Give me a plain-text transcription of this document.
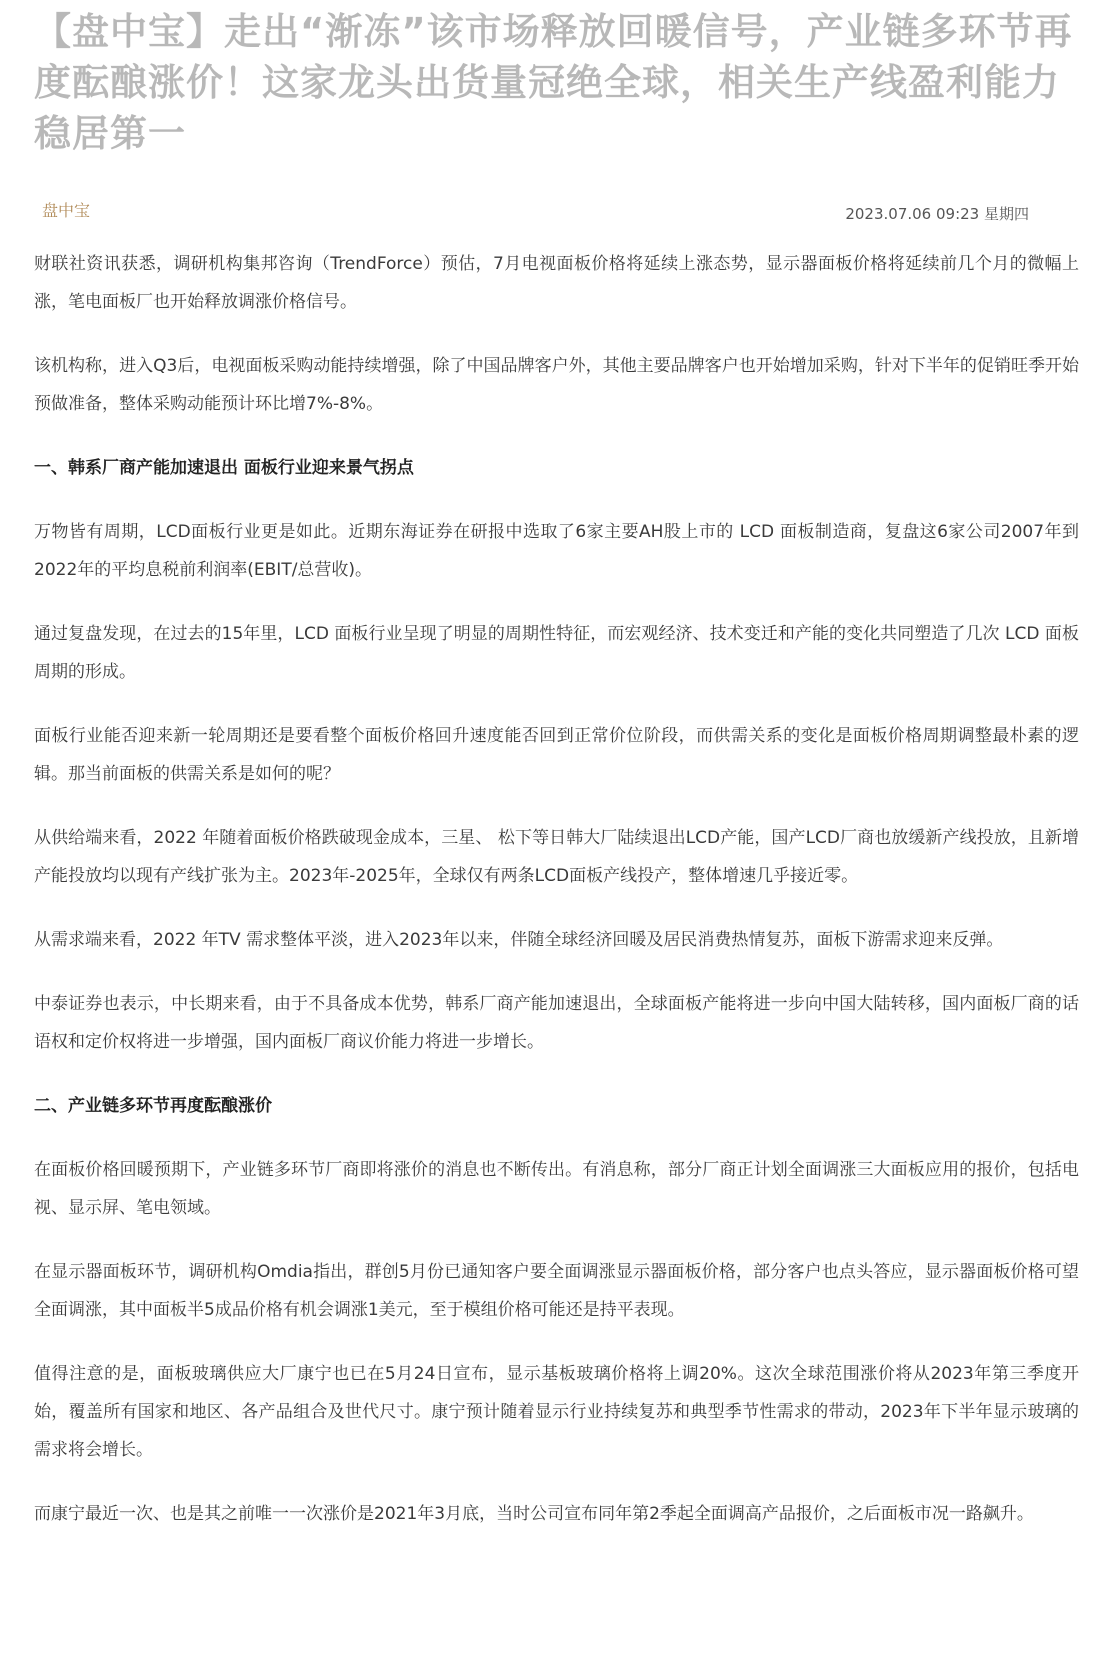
【盘中宝】走出“渐冻”该市场释放回暖信号，产业链多环节再度酝酿涨价！这家龙头出货量冠绝全球，相关生产线盈利能力稳居第一
盘中宝	2023.07.06 09:23 星期四

财联社资讯获悉，调研机构集邦咨询（TrendForce）预估，7月电视面板价格将延续上涨态势，显示器面板价格将延续前几个月的微幅上涨，笔电面板厂也开始释放调涨价格信号。

该机构称，进入Q3后，电视面板采购动能持续增强，除了中国品牌客户外，其他主要品牌客户也开始增加采购，针对下半年的促销旺季开始预做准备，整体采购动能预计环比增7%-8%。

一、韩系厂商产能加速退出 面板行业迎来景气拐点

万物皆有周期，LCD面板行业更是如此。近期东海证券在研报中选取了6家主要AH股上市的 LCD 面板制造商，复盘这6家公司2007年到2022年的平均息税前利润率(EBIT/总营收)。

通过复盘发现，在过去的15年里，LCD 面板行业呈现了明显的周期性特征，而宏观经济、技术变迁和产能的变化共同塑造了几次 LCD 面板周期的形成。

面板行业能否迎来新一轮周期还是要看整个面板价格回升速度能否回到正常价位阶段，而供需关系的变化是面板价格周期调整最朴素的逻辑。那当前面板的供需关系是如何的呢？

从供给端来看，2022 年随着面板价格跌破现金成本，三星、 松下等日韩大厂陆续退出LCD产能，国产LCD厂商也放缓新产线投放，且新增产能投放均以现有产线扩张为主。2023年-2025年，全球仅有两条LCD面板产线投产，整体增速几乎接近零。

从需求端来看，2022 年TV 需求整体平淡，进入2023年以来，伴随全球经济回暖及居民消费热情复苏，面板下游需求迎来反弹。

中泰证券也表示，中长期来看，由于不具备成本优势，韩系厂商产能加速退出，全球面板产能将进一步向中国大陆转移，国内面板厂商的话语权和定价权将进一步增强，国内面板厂商议价能力将进一步增长。

二、产业链多环节再度酝酿涨价

在面板价格回暖预期下，产业链多环节厂商即将涨价的消息也不断传出。有消息称，部分厂商正计划全面调涨三大面板应用的报价，包括电视、显示屏、笔电领域。

在显示器面板环节，调研机构Omdia指出，群创5月份已通知客户要全面调涨显示器面板价格，部分客户也点头答应，显示器面板价格可望全面调涨，其中面板半5成品价格有机会调涨1美元，至于模组价格可能还是持平表现。

值得注意的是，面板玻璃供应大厂康宁也已在5月24日宣布，显示基板玻璃价格将上调20%。这次全球范围涨价将从2023年第三季度开始，覆盖所有国家和地区、各产品组合及世代尺寸。康宁预计随着显示行业持续复苏和典型季节性需求的带动，2023年下半年显示玻璃的需求将会增长。

而康宁最近一次、也是其之前唯一一次涨价是2021年3月底，当时公司宣布同年第2季起全面调高产品报价，之后面板市况一路飙升。
